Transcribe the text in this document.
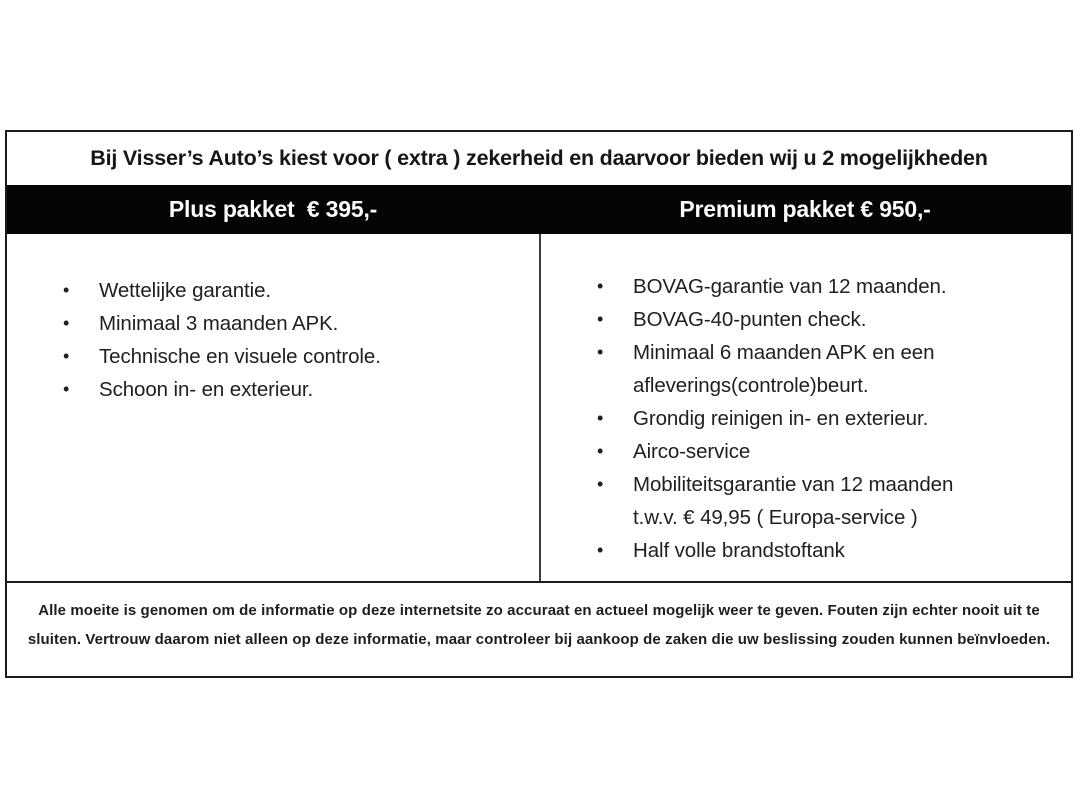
Bij Visser’s Auto’s kiest voor ( extra ) zekerheid en daarvoor bieden wij u 2 mogelijkheden
Plus pakket  € 395,-	Premium pakket € 950,-
•	Wettelijke garantie.
•	Minimaal 3 maanden APK.
•	Technische en visuele controle.
•	Schoon in- en exterieur.
•	BOVAG-garantie van 12 maanden.
•	BOVAG-40-punten check.
•	Minimaal 6 maanden APK en een
afleverings(controle)beurt.
•	Grondig reinigen in- en exterieur.
•	Airco-service
•	Mobiliteitsgarantie van 12 maanden
t.w.v. € 49,95 ( Europa-service )
•	Half volle brandstoftank
Alle moeite is genomen om de informatie op deze internetsite zo accuraat en actueel mogelijk weer te geven. Fouten zijn echter nooit uit te sluiten. Vertrouw daarom niet alleen op deze informatie, maar controleer bij aankoop de zaken die uw beslissing zouden kunnen beïnvloeden.
